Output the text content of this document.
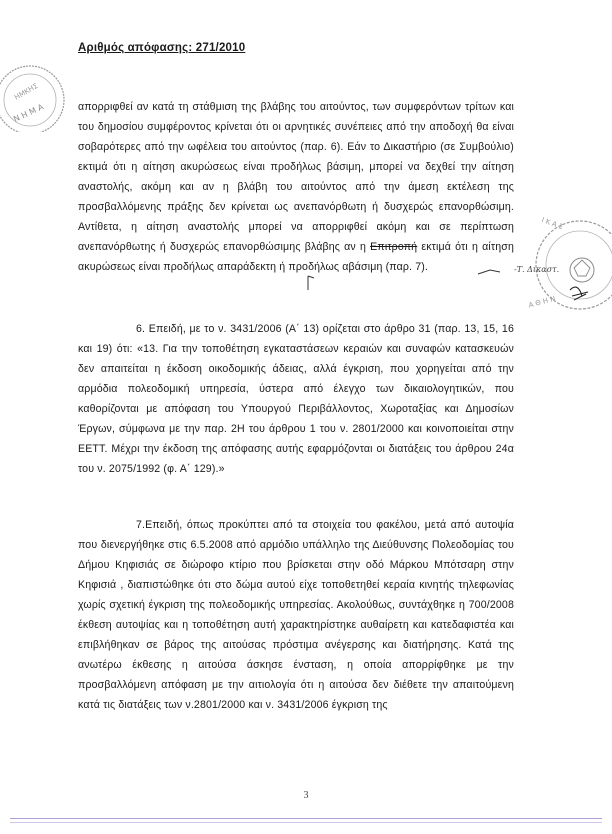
Αριθμός απόφασης: 271/2010
Ν Η Μ Α
ΗΜΚΗΣ
Ι Κ Α Σ
Α Θ Η Ν
-Τ. Δικαστ.

απορριφθεί αν κατά τη στάθμιση της βλάβης του αιτούντος, των συμφερόντων τρίτων και του δημοσίου συμφέροντος κρίνεται ότι οι αρνητικές συνέπειες από την αποδοχή θα είναι σοβαρότερες από την ωφέλεια του αιτούντος (παρ. 6). Εάν το Δικαστήριο (σε Συμβούλιο) εκτιμά ότι η αίτηση ακυρώσεως είναι προδήλως βάσιμη, μπορεί να δεχθεί την αίτηση αναστολής, ακόμη και αν η βλάβη του αιτούντος από την άμεση εκτέλεση της προσβαλλόμενης πράξης δεν κρίνεται ως ανεπανόρθωτη ή δυσχερώς επανορθώσιμη. Αντίθετα, η αίτηση αναστολής μπορεί να απορριφθεί ακόμη και σε περίπτωση ανεπανόρθωτης ή δυσχερώς επανορθώσιμης βλάβης αν η Επιτροπή εκτιμά ότι η αίτηση ακυρώσεως είναι προδήλως απαράδεκτη ή προδήλως αβάσιμη (παρ. 7).

6. Επειδή, με το ν. 3431/2006 (Α΄ 13) ορίζεται στο άρθρο 31 (παρ. 13, 15, 16 και 19) ότι: «13. Για την τοποθέτηση εγκαταστάσεων κεραιών και συναφών κατασκευών δεν απαιτείται η έκδοση οικοδομικής άδειας, αλλά έγκριση, που χορηγείται από την αρμόδια πολεοδομική υπηρεσία, ύστερα από έλεγχο των δικαιολογητικών, που καθορίζονται με απόφαση του Υπουργού Περιβάλλοντος, Χωροταξίας και Δημοσίων Έργων, σύμφωνα με την παρ. 2Η του άρθρου 1 του ν. 2801/2000 και κοινοποιείται στην ΕΕΤΤ. Μέχρι την έκδοση της απόφασης αυτής εφαρμόζονται οι διατάξεις του άρθρου 24α του ν. 2075/1992 (φ. Α΄ 129).»

7.Επειδή, όπως προκύπτει από τα στοιχεία του φακέλου, μετά από αυτοψία που διενεργήθηκε στις 6.5.2008 από αρμόδιο υπάλληλο της Διεύθυνσης Πολεοδομίας του Δήμου Κηφισιάς σε διώροφο κτίριο που βρίσκεται στην οδό Μάρκου Μπότσαρη στην Κηφισιά , διαπιστώθηκε ότι στο δώμα αυτού είχε τοποθετηθεί κεραία κινητής τηλεφωνίας χωρίς σχετική έγκριση της πολεοδομικής υπηρεσίας. Ακολούθως, συντάχθηκε η 700/2008 έκθεση αυτοψίας και η τοποθέτηση αυτή χαρακτηρίστηκε αυθαίρετη και κατεδαφιστέα και επιβλήθηκαν σε βάρος της αιτούσας πρόστιμα ανέγερσης και διατήρησης. Κατά της ανωτέρω έκθεσης η αιτούσα άσκησε ένσταση, η οποία απορρίφθηκε με την προσβαλλόμενη απόφαση με την αιτιολογία ότι η αιτούσα δεν διέθετε την απαιτούμενη κατά τις διατάξεις των ν.2801/2000 και ν. 3431/2006 έγκριση της

3
